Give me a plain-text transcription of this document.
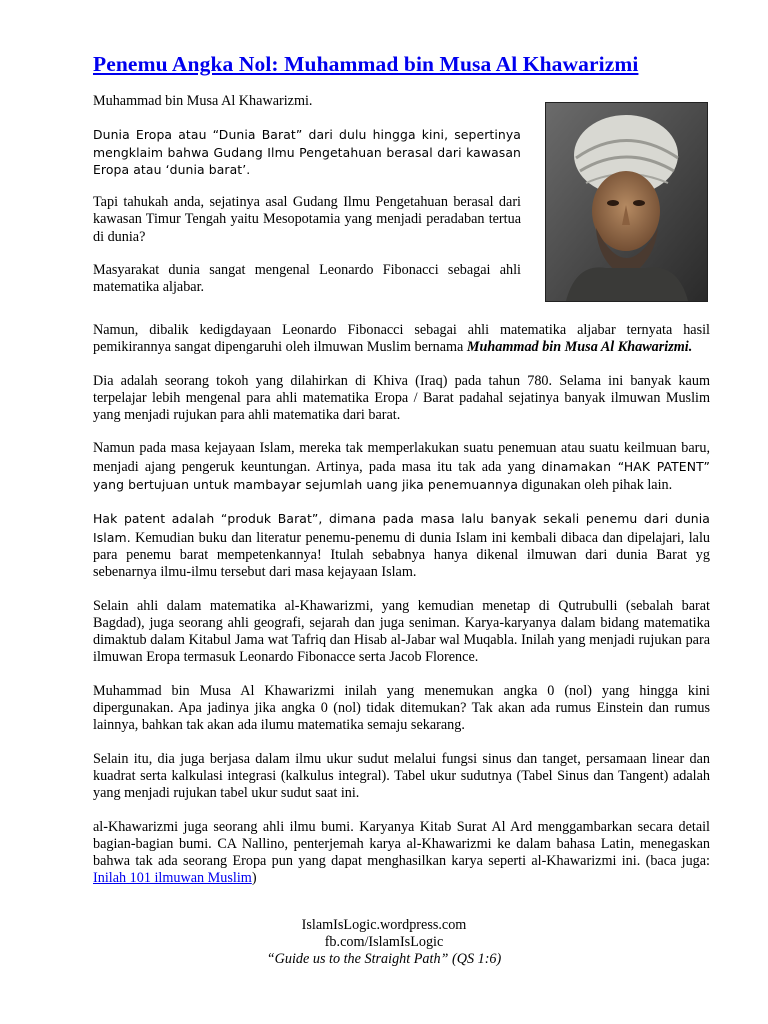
Penemu Angka Nol: Muhammad bin Musa Al Khawarizmi

Muhammad bin Musa Al Khawarizmi.

Dunia Eropa atau “Dunia Barat” dari dulu hingga kini, sepertinya mengklaim bahwa Gudang Ilmu Pengetahuan berasal dari kawasan Eropa atau ‘dunia barat’.

Tapi tahukah anda, sejatinya asal Gudang Ilmu Pengetahuan berasal dari kawasan Timur Tengah yaitu Mesopotamia yang menjadi peradaban tertua di dunia?

Masyarakat dunia sangat mengenal Leonardo Fibonacci sebagai ahli matematika aljabar.

Namun, dibalik kedigdayaan Leonardo Fibonacci sebagai ahli matematika aljabar ternyata hasil pemikirannya sangat dipengaruhi oleh ilmuwan Muslim bernama Muhammad bin Musa Al Khawarizmi.

Dia adalah seorang tokoh yang dilahirkan di Khiva (Iraq) pada tahun 780. Selama ini banyak kaum terpelajar lebih mengenal para ahli matematika Eropa / Barat padahal sejatinya banyak ilmuwan Muslim yang menjadi rujukan para ahli matematika dari barat.

Namun pada masa kejayaan Islam, mereka tak memperlakukan suatu penemuan atau suatu keilmuan baru, menjadi ajang pengeruk keuntungan. Artinya, pada masa itu tak ada yang dinamakan “HAK PATENT” yang bertujuan untuk mambayar sejumlah uang jika penemuannya digunakan oleh pihak lain.

Hak patent adalah “produk Barat”, dimana pada masa lalu banyak sekali penemu dari dunia Islam. Kemudian buku dan literatur penemu-penemu di dunia Islam ini kembali dibaca dan dipelajari, lalu para penemu barat mempetenkannya! Itulah sebabnya hanya dikenal ilmuwan dari dunia Barat yg sebenarnya ilmu-ilmu tersebut dari masa kejayaan Islam.

Selain ahli dalam matematika al-Khawarizmi, yang kemudian menetap di Qutrubulli (sebalah barat Bagdad), juga seorang ahli geografi, sejarah dan juga seniman. Karya-karyanya dalam bidang matematika dimaktub dalam Kitabul Jama wat Tafriq dan Hisab al-Jabar wal Muqabla. Inilah yang menjadi rujukan para ilmuwan Eropa termasuk Leonardo Fibonacce serta Jacob Florence.

Muhammad bin Musa Al Khawarizmi inilah yang menemukan angka 0 (nol) yang hingga kini dipergunakan. Apa jadinya jika angka 0 (nol) tidak ditemukan? Tak akan ada rumus Einstein dan rumus lainnya, bahkan tak akan ada ilumu matematika semaju sekarang.

Selain itu, dia juga berjasa dalam ilmu ukur sudut melalui fungsi sinus dan tanget, persamaan linear dan kuadrat serta kalkulasi integrasi (kalkulus integral). Tabel ukur sudutnya (Tabel Sinus dan Tangent) adalah yang menjadi rujukan tabel ukur sudut saat ini.

al-Khawarizmi juga seorang ahli ilmu bumi. Karyanya Kitab Surat Al Ard menggambarkan secara detail bagian-bagian bumi. CA Nallino, penterjemah karya al-Khawarizmi ke dalam bahasa Latin, menegaskan bahwa tak ada seorang Eropa pun yang dapat menghasilkan karya seperti al-Khawarizmi ini. (baca juga: Inilah 101 ilmuwan Muslim)

IslamIsLogic.wordpress.com
fb.com/IslamIsLogic
“Guide us to the Straight Path” (QS 1:6)
